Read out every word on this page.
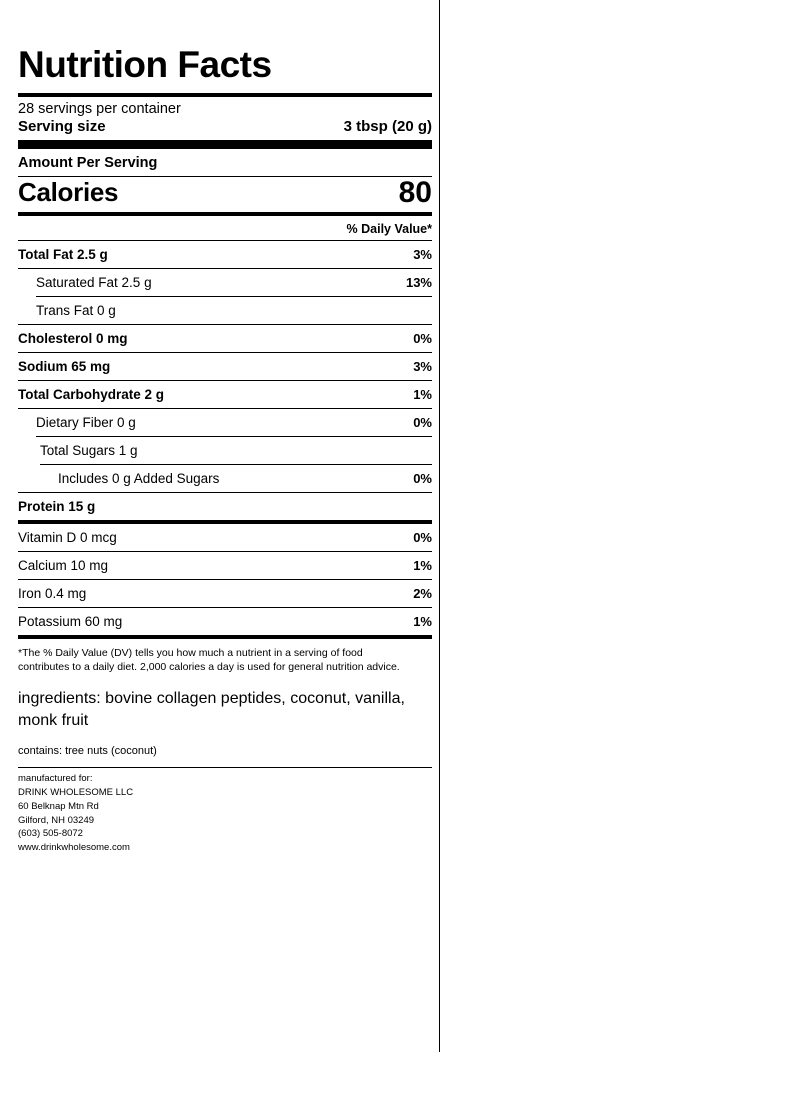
Nutrition Facts
28 servings per container
Serving size	3 tbsp (20 g)
Amount Per Serving
Calories	80
% Daily Value*
Total Fat 2.5 g	3%
Saturated Fat 2.5 g	13%
Trans Fat 0 g
Cholesterol 0 mg	0%
Sodium 65 mg	3%
Total Carbohydrate 2 g	1%
Dietary Fiber 0 g	0%
Total Sugars 1 g
Includes 0 g Added Sugars	0%
Protein 15 g
Vitamin D 0 mcg	0%
Calcium 10 mg	1%
Iron 0.4 mg	2%
Potassium 60 mg	1%
*The % Daily Value (DV) tells you how much a nutrient in a serving of food contributes to a daily diet. 2,000 calories a day is used for general nutrition advice.
ingredients: bovine collagen peptides, coconut, vanilla, monk fruit
contains: tree nuts (coconut)
manufactured for:
DRINK WHOLESOME LLC
60 Belknap Mtn Rd
Gilford, NH 03249
(603) 505-8072
www.drinkwholesome.com
